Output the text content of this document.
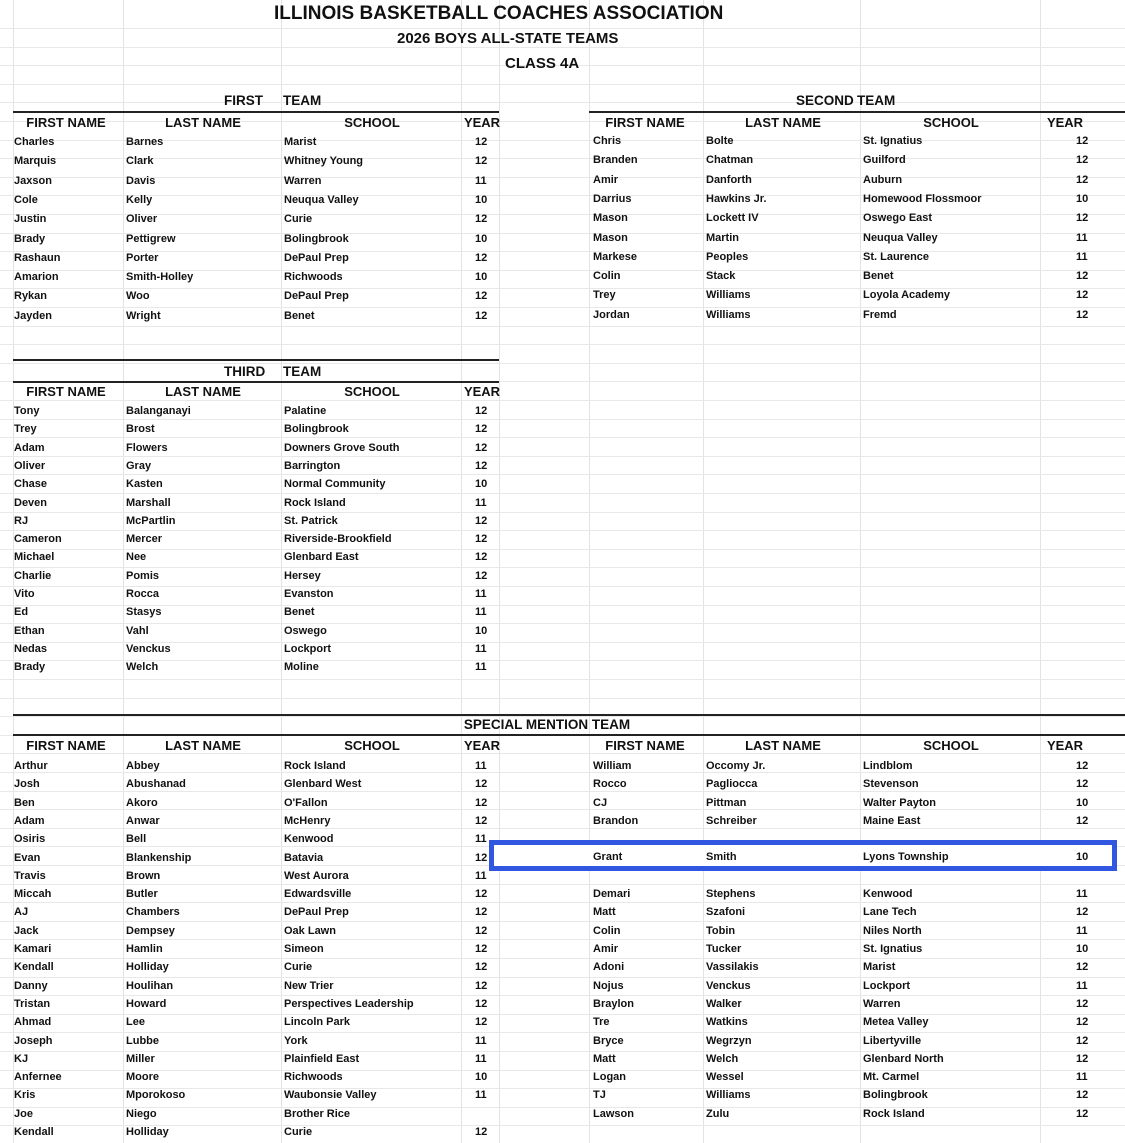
ILLINOIS BASKETBALL COACHES ASSOCIATION
2026 BOYS ALL-STATE TEAMS
CLASS 4A
FIRST TEAM
FIRST NAME	LAST NAME	SCHOOL	YEAR
Charles	Barnes	Marist	12
Marquis	Clark	Whitney Young	12
Jaxson	Davis	Warren	11
Cole	Kelly	Neuqua Valley	10
Justin	Oliver	Curie	12
Brady	Pettigrew	Bolingbrook	10
Rashaun	Porter	DePaul Prep	12
Amarion	Smith-Holley	Richwoods	10
Rykan	Woo	DePaul Prep	12
Jayden	Wright	Benet	12
SECOND TEAM
FIRST NAME	LAST NAME	SCHOOL	YEAR
Chris	Bolte	St. Ignatius	12
Branden	Chatman	Guilford	12
Amir	Danforth	Auburn	12
Darrius	Hawkins Jr.	Homewood Flossmoor	10
Mason	Lockett IV	Oswego East	12
Mason	Martin	Neuqua Valley	11
Markese	Peoples	St. Laurence	11
Colin	Stack	Benet	12
Trey	Williams	Loyola Academy	12
Jordan	Williams	Fremd	12
THIRD TEAM
FIRST NAME	LAST NAME	SCHOOL	YEAR
Tony	Balanganayi	Palatine	12
Trey	Brost	Bolingbrook	12
Adam	Flowers	Downers Grove South	12
Oliver	Gray	Barrington	12
Chase	Kasten	Normal Community	10
Deven	Marshall	Rock Island	11
RJ	McPartlin	St. Patrick	12
Cameron	Mercer	Riverside-Brookfield	12
Michael	Nee	Glenbard East	12
Charlie	Pomis	Hersey	12
Vito	Rocca	Evanston	11
Ed	Stasys	Benet	11
Ethan	Vahl	Oswego	10
Nedas	Venckus	Lockport	11
Brady	Welch	Moline	11
SPECIAL MENTION TEAM
FIRST NAME	LAST NAME	SCHOOL	YEAR	FIRST NAME	LAST NAME	SCHOOL	YEAR
Arthur	Abbey	Rock Island	11
Josh	Abushanad	Glenbard West	12
Ben	Akoro	O'Fallon	12
Adam	Anwar	McHenry	12
Osiris	Bell	Kenwood	11
Evan	Blankenship	Batavia	12
Travis	Brown	West Aurora	11
Miccah	Butler	Edwardsville	12
AJ	Chambers	DePaul Prep	12
Jack	Dempsey	Oak Lawn	12
Kamari	Hamlin	Simeon	12
Kendall	Holliday	Curie	12
Danny	Houlihan	New Trier	12
Tristan	Howard	Perspectives Leadership	12
Ahmad	Lee	Lincoln Park	12
Joseph	Lubbe	York	11
KJ	Miller	Plainfield East	11
Anfernee	Moore	Richwoods	10
Kris	Mporokoso	Waubonsie Valley	11
Joe	Niego	Brother Rice
Kendall	Holliday	Curie	12
William	Occomy Jr.	Lindblom	12
Rocco	Pagliocca	Stevenson	12
CJ	Pittman	Walter Payton	10
Brandon	Schreiber	Maine East	12
Demari	Stephens	Kenwood	11
Matt	Szafoni	Lane Tech	12
Colin	Tobin	Niles North	11
Amir	Tucker	St. Ignatius	10
Adoni	Vassilakis	Marist	12
Nojus	Venckus	Lockport	11
Braylon	Walker	Warren	12
Tre	Watkins	Metea Valley	12
Bryce	Wegrzyn	Libertyville	12
Matt	Welch	Glenbard North	12
Logan	Wessel	Mt. Carmel	11
TJ	Williams	Bolingbrook	12
Lawson	Zulu	Rock Island	12
Grant	Smith	Lyons Township	10
